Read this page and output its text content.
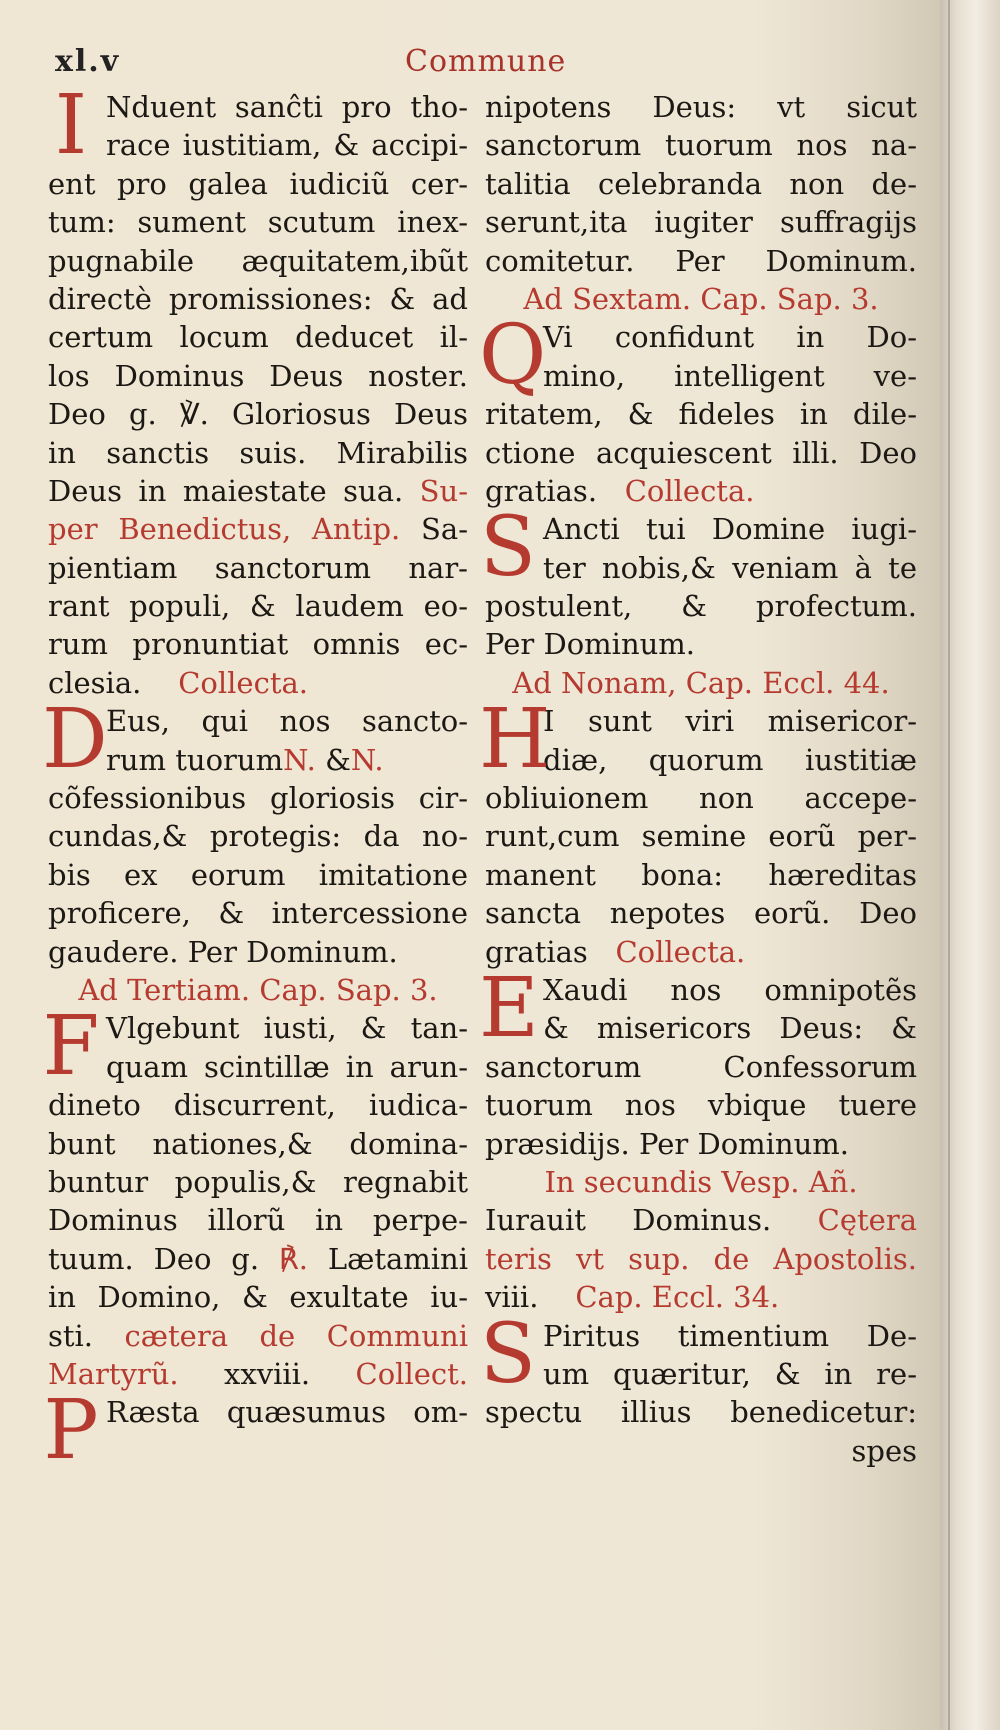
xl.v	Commune
I Nduent sanĉti pro tho-
race iustitiam, & accipi-
ent pro galea iudiciũ cer-
tum: sument scutum inex-
pugnabile æquitatem,ibũt
directè promissiones: & ad
certum locum deducet il-
los Dominus Deus noster.
Deo g. ℣. Gloriosus Deus
in sanctis suis. Mirabilis
Deus in maiestate sua. Su-
per Benedictus, Antip. Sa-
pientiam sanctorum nar-
rant populi, & laudem eo-
rum pronuntiat omnis ec-
clesia. Collecta.
D
Eus, qui nos sancto-
rum tuorumN. &N.
cõfessionibus gloriosis cir-
cundas,& protegis: da no-
bis ex eorum imitatione
proficere, & intercessione
gaudere. Per Dominum.
Ad Tertiam. Cap. Sap. 3.
F Vlgebunt iusti, & tan-
quam scintillæ in arun-
dineto discurrent, iudica-
bunt nationes,& domina-
buntur populis,& regnabit
Dominus illorũ in perpe-
tuum. Deo g. ℟. Lætamini
in Domino, & exultate iu-
sti. cætera de Communi
Martyrũ. xxviii. Collect.
P Ræsta quæsumus om-
nipotens Deus: vt sicut
sanctorum tuorum nos na-
talitia celebranda non de-
serunt,ita iugiter suffragijs
comitetur. Per Dominum.
Ad Sextam. Cap. Sap. 3.
Q
Vi confidunt in Do-
mino, intelligent ve-
ritatem, & fideles in dile-
ctione acquiescent illi. Deo
gratias. Collecta.
S Ancti tui Domine iugi-
ter nobis,& veniam à te
postulent, & profectum.
Per Dominum.
Ad Nonam, Cap. Eccl. 44.
H
I sunt viri misericor-
diæ, quorum iustitiæ
obliuionem non accepe-
runt,cum semine eorũ per-
manent bona: hæreditas
sancta nepotes eorũ. Deo
gratias Collecta.
E Xaudi nos omnipotẽs
& misericors Deus: &
sanctorum Confessorum
tuorum nos vbique tuere
præsidijs. Per Dominum.
In secundis Vesp. Añ.
Iurauit Dominus. Cętera
teris vt sup. de Apostolis.
viii. Cap. Eccl. 34.
S Piritus timentium De-
um quæritur, & in re-
spectu illius benedicetur:
spes
